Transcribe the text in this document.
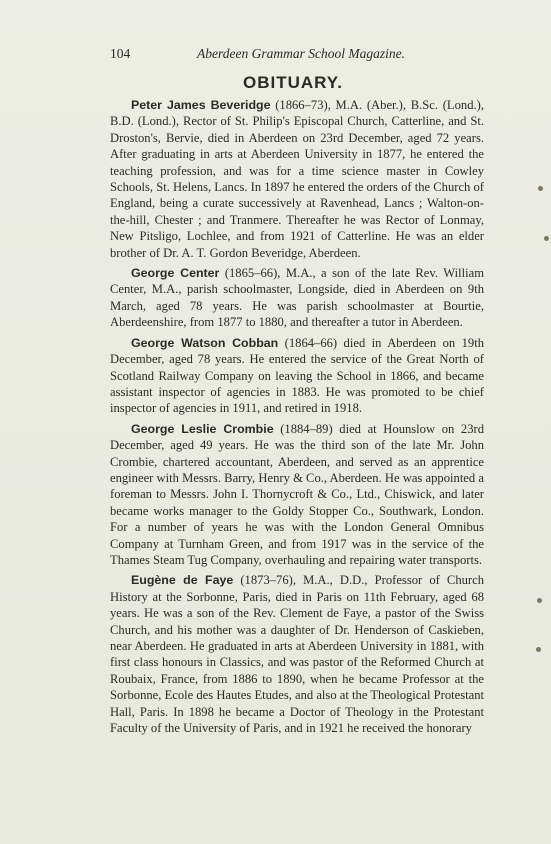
104	Aberdeen Grammar School Magazine.
OBITUARY.

Peter James Beveridge (1866–73), M.A. (Aber.), B.Sc. (Lond.), B.D. (Lond.), Rector of St. Philip's Episcopal Church, Catterline, and St. Droston's, Bervie, died in Aberdeen on 23rd December, aged 72 years. After graduating in arts at Aberdeen University in 1877, he entered the teaching profession, and was for a time science master in Cowley Schools, St. Helens, Lancs. In 1897 he entered the orders of the Church of England, being a curate successively at Ravenhead, Lancs ; Walton-on-the-hill, Chester ; and Tranmere. Thereafter he was Rector of Lonmay, New Pitsligo, Lochlee, and from 1921 of Catterline. He was an elder brother of Dr. A. T. Gordon Beveridge, Aberdeen.

George Center (1865–66), M.A., a son of the late Rev. William Center, M.A., parish schoolmaster, Longside, died in Aberdeen on 9th March, aged 78 years. He was parish schoolmaster at Bourtie, Aberdeenshire, from 1877 to 1880, and thereafter a tutor in Aberdeen.

George Watson Cobban (1864–66) died in Aberdeen on 19th December, aged 78 years. He entered the service of the Great North of Scotland Railway Company on leaving the School in 1866, and became assistant inspector of agencies in 1883. He was promoted to be chief inspector of agencies in 1911, and retired in 1918.

George Leslie Crombie (1884–89) died at Hounslow on 23rd December, aged 49 years. He was the third son of the late Mr. John Crombie, chartered accountant, Aberdeen, and served as an apprentice engineer with Messrs. Barry, Henry & Co., Aberdeen. He was appointed a foreman to Messrs. John I. Thornycroft & Co., Ltd., Chiswick, and later became works manager to the Goldy Stopper Co., Southwark, London. For a number of years he was with the London General Omnibus Company at Turnham Green, and from 1917 was in the service of the Thames Steam Tug Company, overhauling and repairing water transports.

Eugène de Faye (1873–76), M.A., D.D., Professor of Church History at the Sorbonne, Paris, died in Paris on 11th February, aged 68 years. He was a son of the Rev. Clement de Faye, a pastor of the Swiss Church, and his mother was a daughter of Dr. Henderson of Caskieben, near Aberdeen. He graduated in arts at Aberdeen University in 1881, with first class honours in Classics, and was pastor of the Reformed Church at Roubaix, France, from 1886 to 1890, when he became Professor at the Sorbonne, Ecole des Hautes Etudes, and also at the Theological Protestant Hall, Paris. In 1898 he became a Doctor of Theology in the Protestant Faculty of the University of Paris, and in 1921 he received the honorary
